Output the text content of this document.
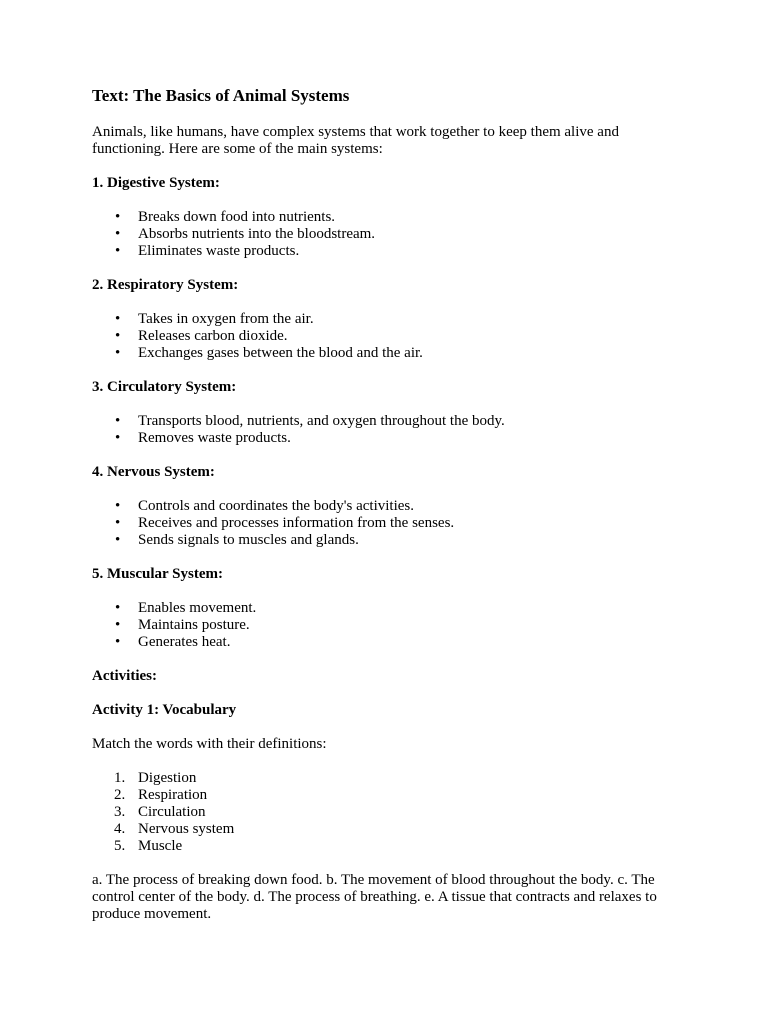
Text: The Basics of Animal Systems

Animals, like humans, have complex systems that work together to keep them alive and functioning. Here are some of the main systems:

1. Digestive System:
• Breaks down food into nutrients.
• Absorbs nutrients into the bloodstream.
• Eliminates waste products.
2. Respiratory System:
• Takes in oxygen from the air.
• Releases carbon dioxide.
• Exchanges gases between the blood and the air.
3. Circulatory System:
• Transports blood, nutrients, and oxygen throughout the body.
• Removes waste products.
4. Nervous System:
• Controls and coordinates the body's activities.
• Receives and processes information from the senses.
• Sends signals to muscles and glands.
5. Muscular System:
• Enables movement.
• Maintains posture.
• Generates heat.
Activities:
Activity 1: Vocabulary

Match the words with their definitions:

1. Digestion
2. Respiration
3. Circulation
4. Nervous system
5. Muscle

a. The process of breaking down food. b. The movement of blood throughout the body. c. The control center of the body. d. The process of breathing. e. A tissue that contracts and relaxes to produce movement.
